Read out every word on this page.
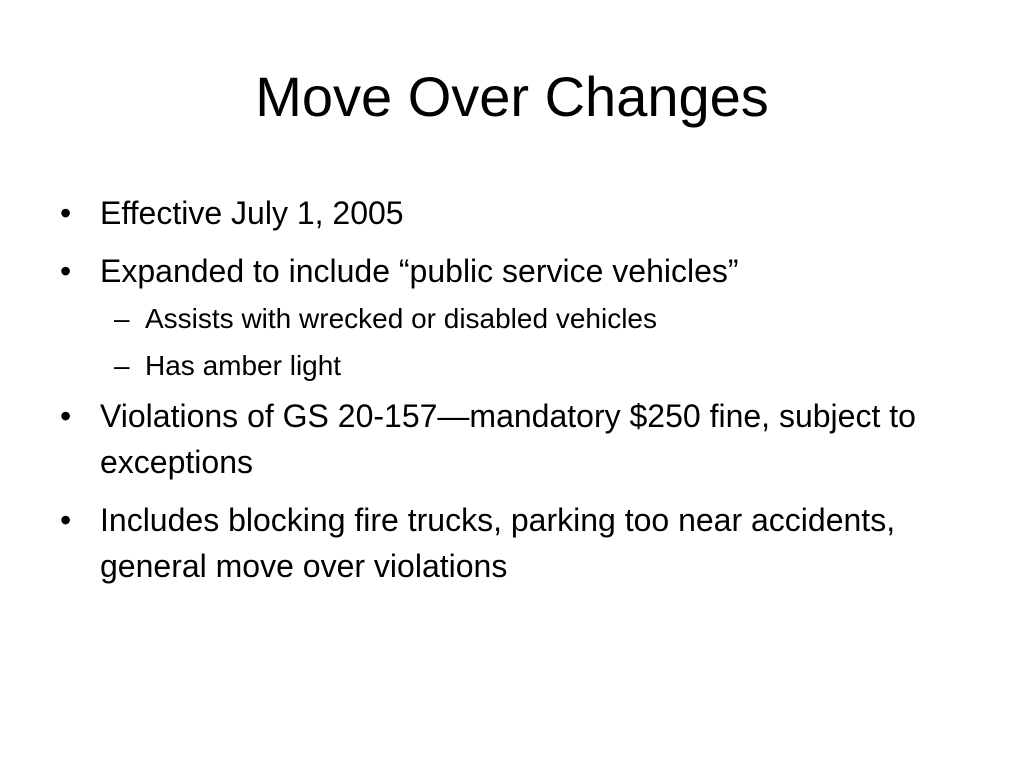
Move Over Changes
• Effective July 1, 2005
• Expanded to include “public service vehicles”
– Assists with wrecked or disabled vehicles
– Has amber light
• Violations of GS 20-157—mandatory $250 fine, subject to exceptions
• Includes blocking fire trucks, parking too near accidents, general move over violations
